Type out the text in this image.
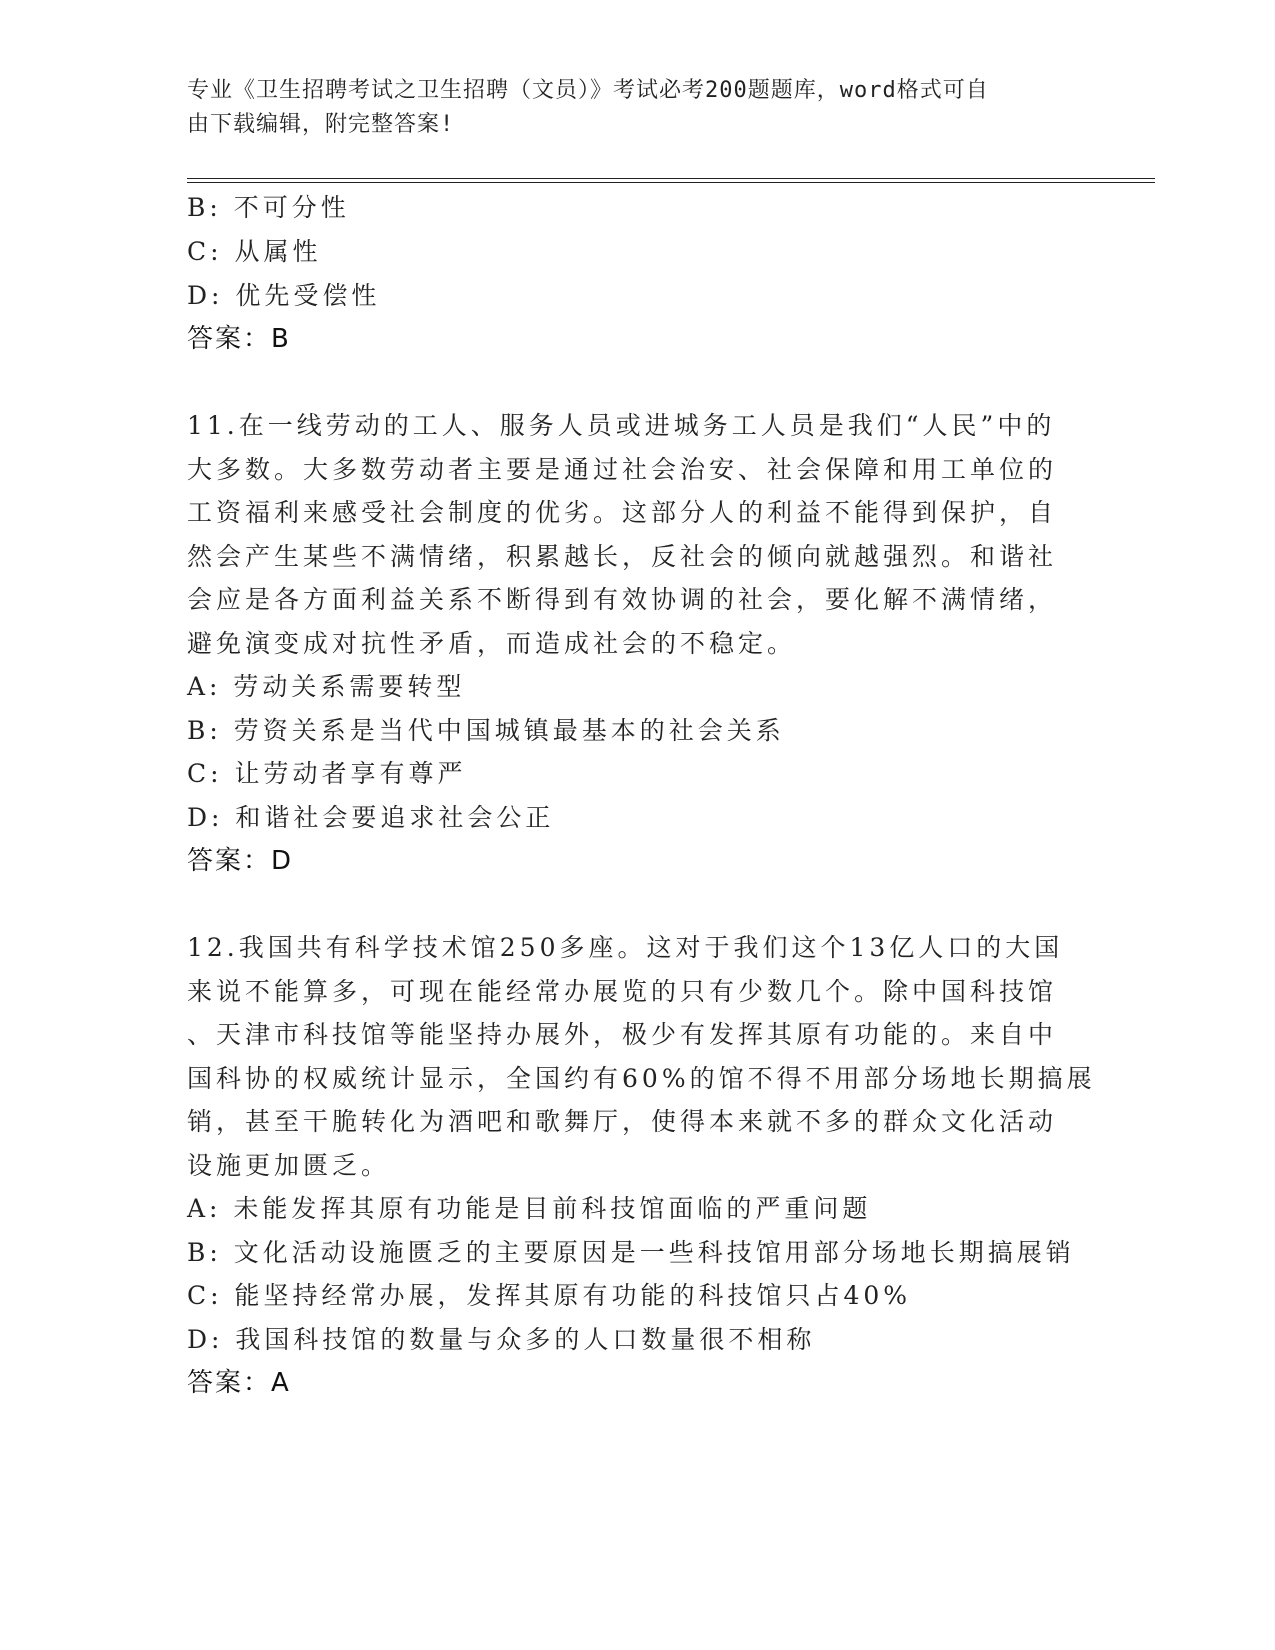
专业《卫生招聘考试之卫生招聘（文员）》考试必考200题题库，word格式可自
由下载编辑，附完整答案!
B: 不可分性
C: 从属性
D: 优先受偿性
答案：B
11.在一线劳动的工人、服务人员或进城务工人员是我们“人民”中的
大多数。大多数劳动者主要是通过社会治安、社会保障和用工单位的
工资福利来感受社会制度的优劣。这部分人的利益不能得到保护，自
然会产生某些不满情绪，积累越长，反社会的倾向就越强烈。和谐社
会应是各方面利益关系不断得到有效协调的社会，要化解不满情绪，
避免演变成对抗性矛盾，而造成社会的不稳定。
A: 劳动关系需要转型
B: 劳资关系是当代中国城镇最基本的社会关系
C: 让劳动者享有尊严
D: 和谐社会要追求社会公正
答案：D
12.我国共有科学技术馆250多座。这对于我们这个13亿人口的大国
来说不能算多，可现在能经常办展览的只有少数几个。除中国科技馆
、天津市科技馆等能坚持办展外，极少有发挥其原有功能的。来自中
国科协的权威统计显示，全国约有60%的馆不得不用部分场地长期搞展
销，甚至干脆转化为酒吧和歌舞厅，使得本来就不多的群众文化活动
设施更加匮乏。
A: 未能发挥其原有功能是目前科技馆面临的严重问题
B: 文化活动设施匮乏的主要原因是一些科技馆用部分场地长期搞展销
C: 能坚持经常办展，发挥其原有功能的科技馆只占40%
D: 我国科技馆的数量与众多的人口数量很不相称
答案：A
